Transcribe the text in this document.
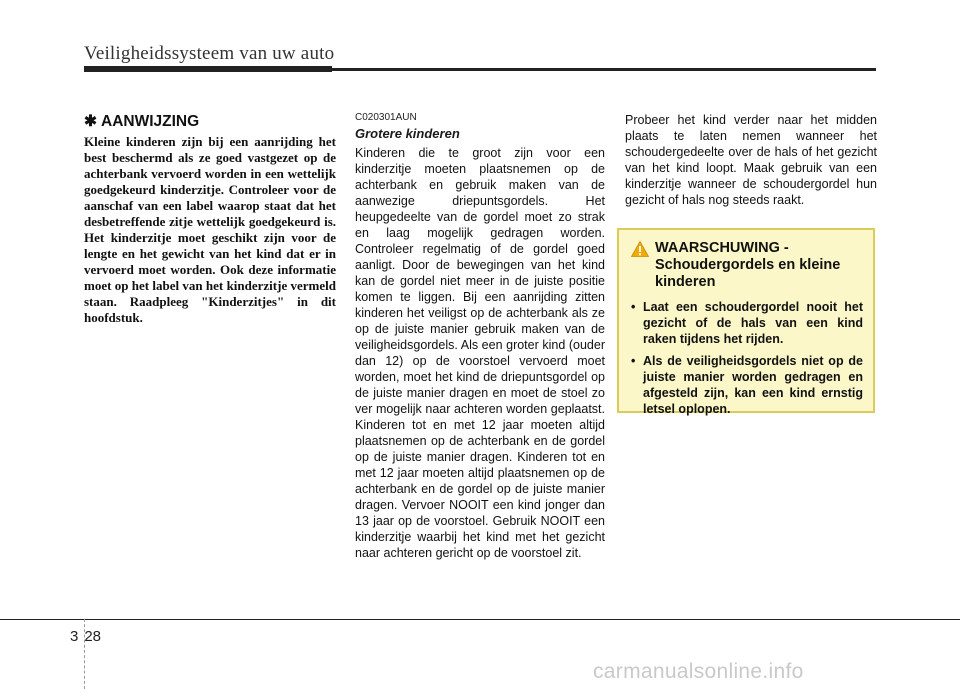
Veiligheidssysteem van uw auto
✱ AANWIJZING

Kleine kinderen zijn bij een aanrijding het best beschermd als ze goed vastgezet op de achterbank vervoerd worden in een wettelijk goedgekeurd kinderzitje. Controleer voor de aanschaf van een label waarop staat dat het desbetreffende zitje wettelijk goedgekeurd is. Het kinderzitje moet geschikt zijn voor de lengte en het gewicht van het kind dat er in vervoerd moet worden. Ook deze informatie moet op het label van het kinderzitje vermeld staan. Raadpleeg "Kinderzitjes" in dit hoofdstuk.

C020301AUN

Grotere kinderen

Kinderen die te groot zijn voor een kinderzitje moeten plaatsnemen op de achterbank en gebruik maken van de aanwezige driepuntsgordels. Het heupgedeelte van de gordel moet zo strak en laag mogelijk gedragen worden. Controleer regelmatig of de gordel goed aanligt. Door de bewegingen van het kind kan de gordel niet meer in de juiste positie komen te liggen. Bij een aanrijding zitten kinderen het veiligst op de achterbank als ze op de juiste manier gebruik maken van de veiligheidsgordels. Als een groter kind (ouder dan 12) op de voorstoel vervoerd moet worden, moet het kind de driepuntsgordel op de juiste manier dragen en moet de stoel zo ver mogelijk naar achteren worden geplaatst. Kinderen tot en met 12 jaar moeten altijd plaatsnemen op de achterbank en de gordel op de juiste manier dragen. Kinderen tot en met 12 jaar moeten altijd plaatsnemen op de achterbank en de gordel op de juiste manier dragen. Vervoer NOOIT een kind jonger dan 13 jaar op de voorstoel. Gebruik NOOIT een kinderzitje waarbij het kind met het gezicht naar achteren gericht op de voorstoel zit.

Probeer het kind verder naar het midden plaats te laten nemen wanneer het schoudergedeelte over de hals of het gezicht van het kind loopt. Maak gebruik van een kinderzitje wanneer de schoudergordel hun gezicht of hals nog steeds raakt.

WAARSCHUWING -
Schoudergordels en kleine kinderen
• Laat een schoudergordel nooit het gezicht of de hals van een kind raken tijdens het rijden.
• Als de veiligheidsgordels niet op de juiste manier worden gedragen en afgesteld zijn, kan een kind ernstig letsel oplopen.
3 28
carmanualsonline.info
